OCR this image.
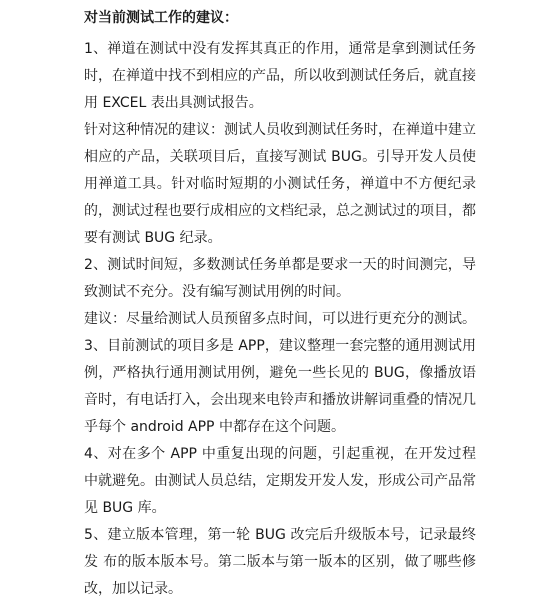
对当前测试工作的建议：

1、禅道在测试中没有发挥其真正的作用，通常是拿到测试任务时，在禅道中找不到相应的产品，所以收到测试任务后，就直接用 EXCEL 表出具测试报告。

针对这种情况的建议：测试人员收到测试任务时，在禅道中建立相应的产品，关联项目后，直接写测试 BUG。引导开发人员使用禅道工具。针对临时短期的小测试任务，禅道中不方便纪录的，测试过程也要行成相应的文档纪录，总之测试过的项目，都要有测试 BUG 纪录。

2、测试时间短，多数测试任务单都是要求一天的时间测完，导致测试不充分。没有编写测试用例的时间。

建议：尽量给测试人员预留多点时间，可以进行更充分的测试。

3、目前测试的项目多是 APP，建议整理一套完整的通用测试用例，严格执行通用测试用例，避免一些长见的 BUG，像播放语音时，有电话打入，会出现来电铃声和播放讲解词重叠的情况几乎每个 android APP 中都存在这个问题。

4、对在多个 APP 中重复出现的问题，引起重视，在开发过程中就避免。由测试人员总结，定期发开发人发，形成公司产品常见 BUG 库。

5、建立版本管理，第一轮 BUG 改完后升级版本号，记录最终发 布的版本版本号。第二版本与第一版本的区别，做了哪些修改，加以记录。
